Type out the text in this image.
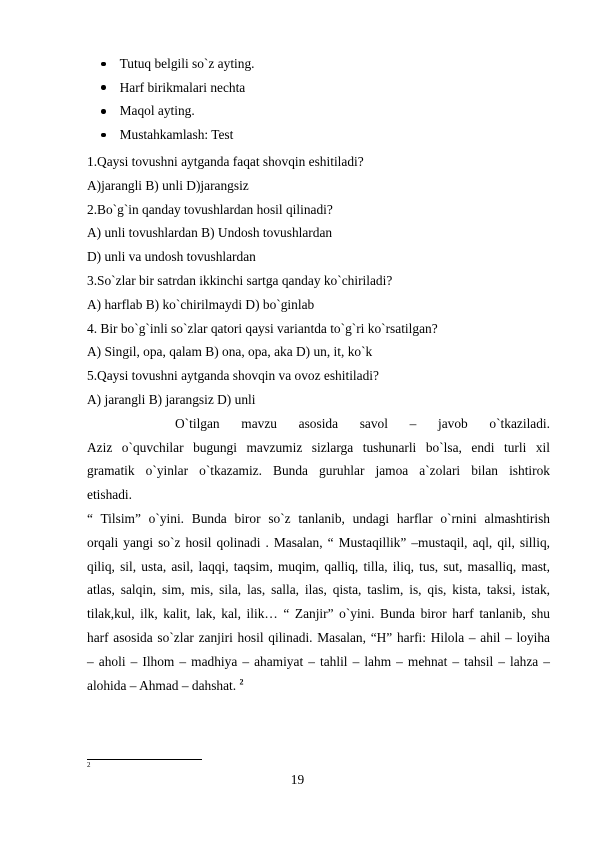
Tutuq belgili so`z ayting.
Harf birikmalari nechta
Maqol ayting.
Mustahkamlash: Test
1.Qaysi tovushni aytganda faqat shovqin eshitiladi?
A)jarangli B) unli D)jarangsiz
2.Bo`g`in qanday tovushlardan hosil qilinadi?
A) unli tovushlardan B) Undosh tovushlardan
D) unli va undosh tovushlardan
3.So`zlar bir satrdan ikkinchi sartga qanday ko`chiriladi?
A) harflab B) ko`chirilmaydi D) bo`ginlab
4. Bir bo`g`inli so`zlar qatori qaysi variantda to`g`ri ko`rsatilgan?
A) Singil, opa, qalam B) ona, opa, aka D) un, it, ko`k
5.Qaysi tovushni aytganda shovqin va ovoz eshitiladi?
A) jarangli B) jarangsiz D) unli
O`tilgan mavzu asosida savol – javob o`tkaziladi.
Aziz o`quvchilar bugungi mavzumiz sizlarga tushunarli bo`lsa, endi turli xil
gramatik o`yinlar o`tkazamiz. Bunda guruhlar jamoa a`zolari bilan ishtirok
etishadi.
“ Tilsim” o`yini. Bunda biror so`z tanlanib, undagi harflar o`rnini almashtirish
orqali yangi so`z hosil qolinadi . Masalan, “ Mustaqillik” –mustaqil, aql, qil, silliq,
qiliq, sil, usta, asil, laqqi, taqsim, muqim, qalliq, tilla, iliq, tus, sut, masalliq, mast,
atlas, salqin, sim, mis, sila, las, salla, ilas, qista, taslim, is, qis, kista, taksi, istak,
tilak,kul, ilk, kalit, lak, kal, ilik… “ Zanjir” o`yini. Bunda biror harf tanlanib, shu
harf asosida so`zlar zanjiri hosil qilinadi. Masalan, “H” harfi: Hilola – ahil – loyiha
– aholi – Ilhom – madhiya – ahamiyat – tahlil – lahm – mehnat – tahsil – lahza –
alohida – Ahmad – dahshat. $^2$
2
19
